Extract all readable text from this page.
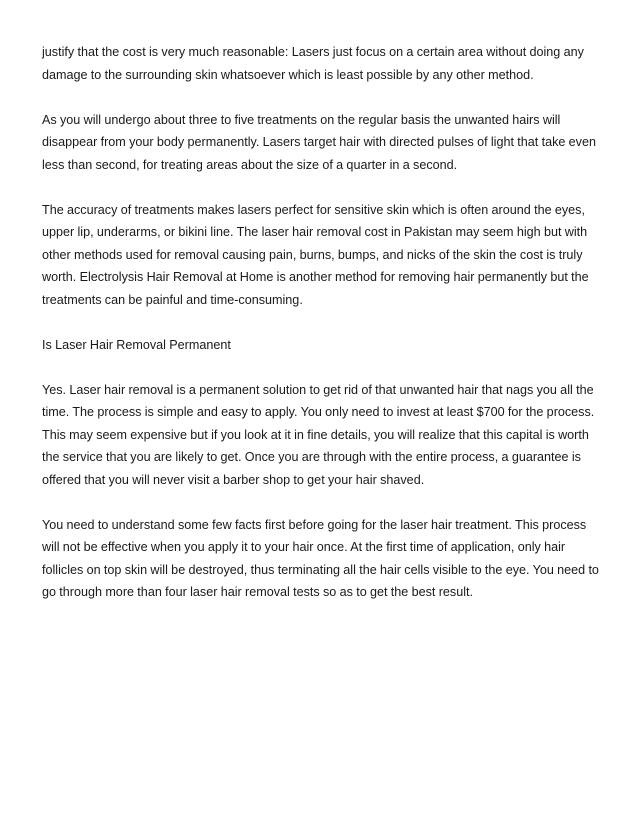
justify that the cost is very much reasonable: Lasers just focus on a certain area without doing any damage to the surrounding skin whatsoever which is least possible by any other method.

As you will undergo about three to five treatments on the regular basis the unwanted hairs will disappear from your body permanently. Lasers target hair with directed pulses of light that take even less than second, for treating areas about the size of a quarter in a second.

The accuracy of treatments makes lasers perfect for sensitive skin which is often around the eyes, upper lip, underarms, or bikini line. The laser hair removal cost in Pakistan may seem high but with other methods used for removal causing pain, burns, bumps, and nicks of the skin the cost is truly worth. Electrolysis Hair Removal at Home is another method for removing hair permanently but the treatments can be painful and time-consuming.

Is Laser Hair Removal Permanent

Yes. Laser hair removal is a permanent solution to get rid of that unwanted hair that nags you all the time. The process is simple and easy to apply. You only need to invest at least $700 for the process. This may seem expensive but if you look at it in fine details, you will realize that this capital is worth the service that you are likely to get. Once you are through with the entire process, a guarantee is offered that you will never visit a barber shop to get your hair shaved.

You need to understand some few facts first before going for the laser hair treatment. This process will not be effective when you apply it to your hair once. At the first time of application, only hair follicles on top skin will be destroyed, thus terminating all the hair cells visible to the eye. You need to go through more than four laser hair removal tests so as to get the best result.
